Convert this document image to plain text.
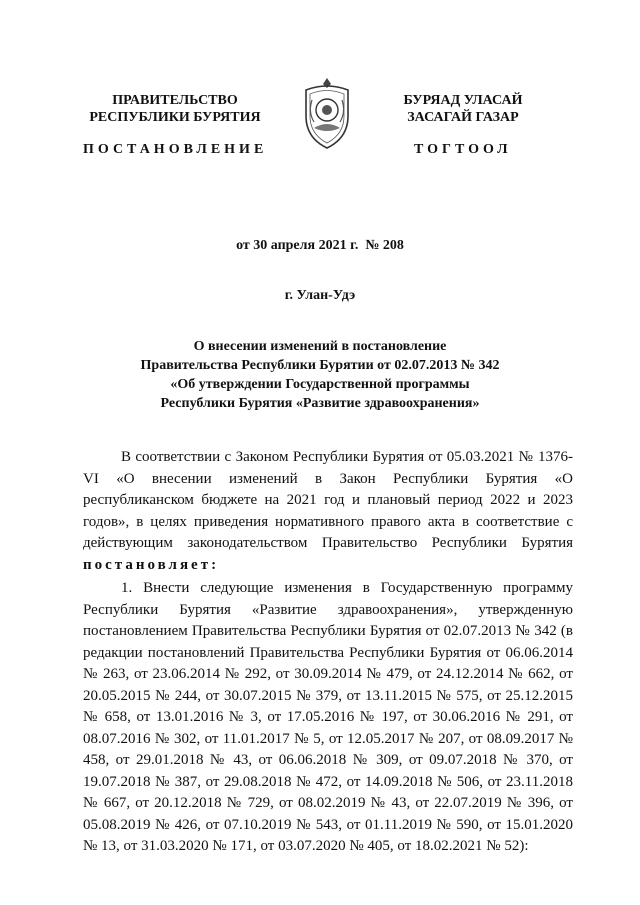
ПРАВИТЕЛЬСТВО
РЕСПУБЛИКИ БУРЯТИЯ
БУРЯАД УЛАСАЙ
ЗАСАГАЙ ГАЗАР
ПОСТАНОВЛЕНИЕ	ТОГТООЛ
от 30 апреля 2021 г.  № 208
г. Улан-Удэ
О внесении изменений в постановление
Правительства Республики Бурятии от 02.07.2013 № 342
«Об утверждении Государственной программы
Республики Бурятия «Развитие здравоохранения»
В соответствии с Законом Республики Бурятия от 05.03.2021 № 1376-VI «О внесении изменений в Закон Республики Бурятия «О республиканском бюджете на 2021 год и плановый период 2022 и 2023 годов», в целях приведения нормативного правого акта в соответствие с действующим законодательством Правительство Республики Бурятия постановляет:
1. Внести следующие изменения в Государственную программу Республики Бурятия «Развитие здравоохранения», утвержденную постановлением Правительства Республики Бурятия от 02.07.2013 № 342 (в редакции постановлений Правительства Республики Бурятия от 06.06.2014 № 263, от 23.06.2014 № 292, от 30.09.2014 № 479, от 24.12.2014 № 662, от 20.05.2015 № 244, от 30.07.2015 № 379, от 13.11.2015 № 575, от 25.12.2015 № 658, от 13.01.2016 № 3, от 17.05.2016 № 197, от 30.06.2016 № 291, от 08.07.2016 № 302, от 11.01.2017 № 5, от 12.05.2017 № 207, от 08.09.2017 № 458, от 29.01.2018 № 43, от 06.06.2018 № 309, от 09.07.2018 № 370, от 19.07.2018 № 387, от 29.08.2018 № 472, от 14.09.2018 № 506, от 23.11.2018 № 667, от 20.12.2018 № 729, от 08.02.2019 № 43, от 22.07.2019 № 396, от 05.08.2019 № 426, от 07.10.2019 № 543, от 01.11.2019 № 590, от 15.01.2020 № 13, от 31.03.2020 № 171, от 03.07.2020 № 405, от 18.02.2021 № 52):
